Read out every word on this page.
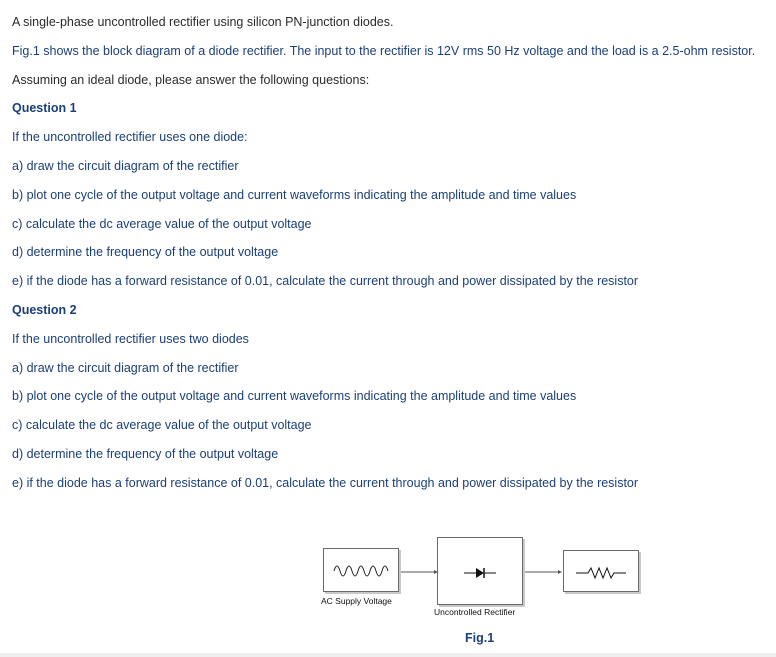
A single-phase uncontrolled rectifier using silicon PN-junction diodes.
Fig.1 shows the block diagram of a diode rectifier. The input to the rectifier is 12V rms 50 Hz voltage and the load is a 2.5-ohm resistor.
Assuming an ideal diode, please answer the following questions:
Question 1
If the uncontrolled rectifier uses one diode:
a) draw the circuit diagram of the rectifier
b) plot one cycle of the output voltage and current waveforms indicating the amplitude and time values
c) calculate the dc average value of the output voltage
d) determine the frequency of the output voltage
e) if the diode has a forward resistance of 0.01, calculate the current through and power dissipated by the resistor
Question 2
If the uncontrolled rectifier uses two diodes
a) draw the circuit diagram of the rectifier
b) plot one cycle of the output voltage and current waveforms indicating the amplitude and time values
c) calculate the dc average value of the output voltage
d) determine the frequency of the output voltage
e) if the diode has a forward resistance of 0.01, calculate the current through and power dissipated by the resistor
AC Supply Voltage
Uncontrolled Rectifier
Fig.1
